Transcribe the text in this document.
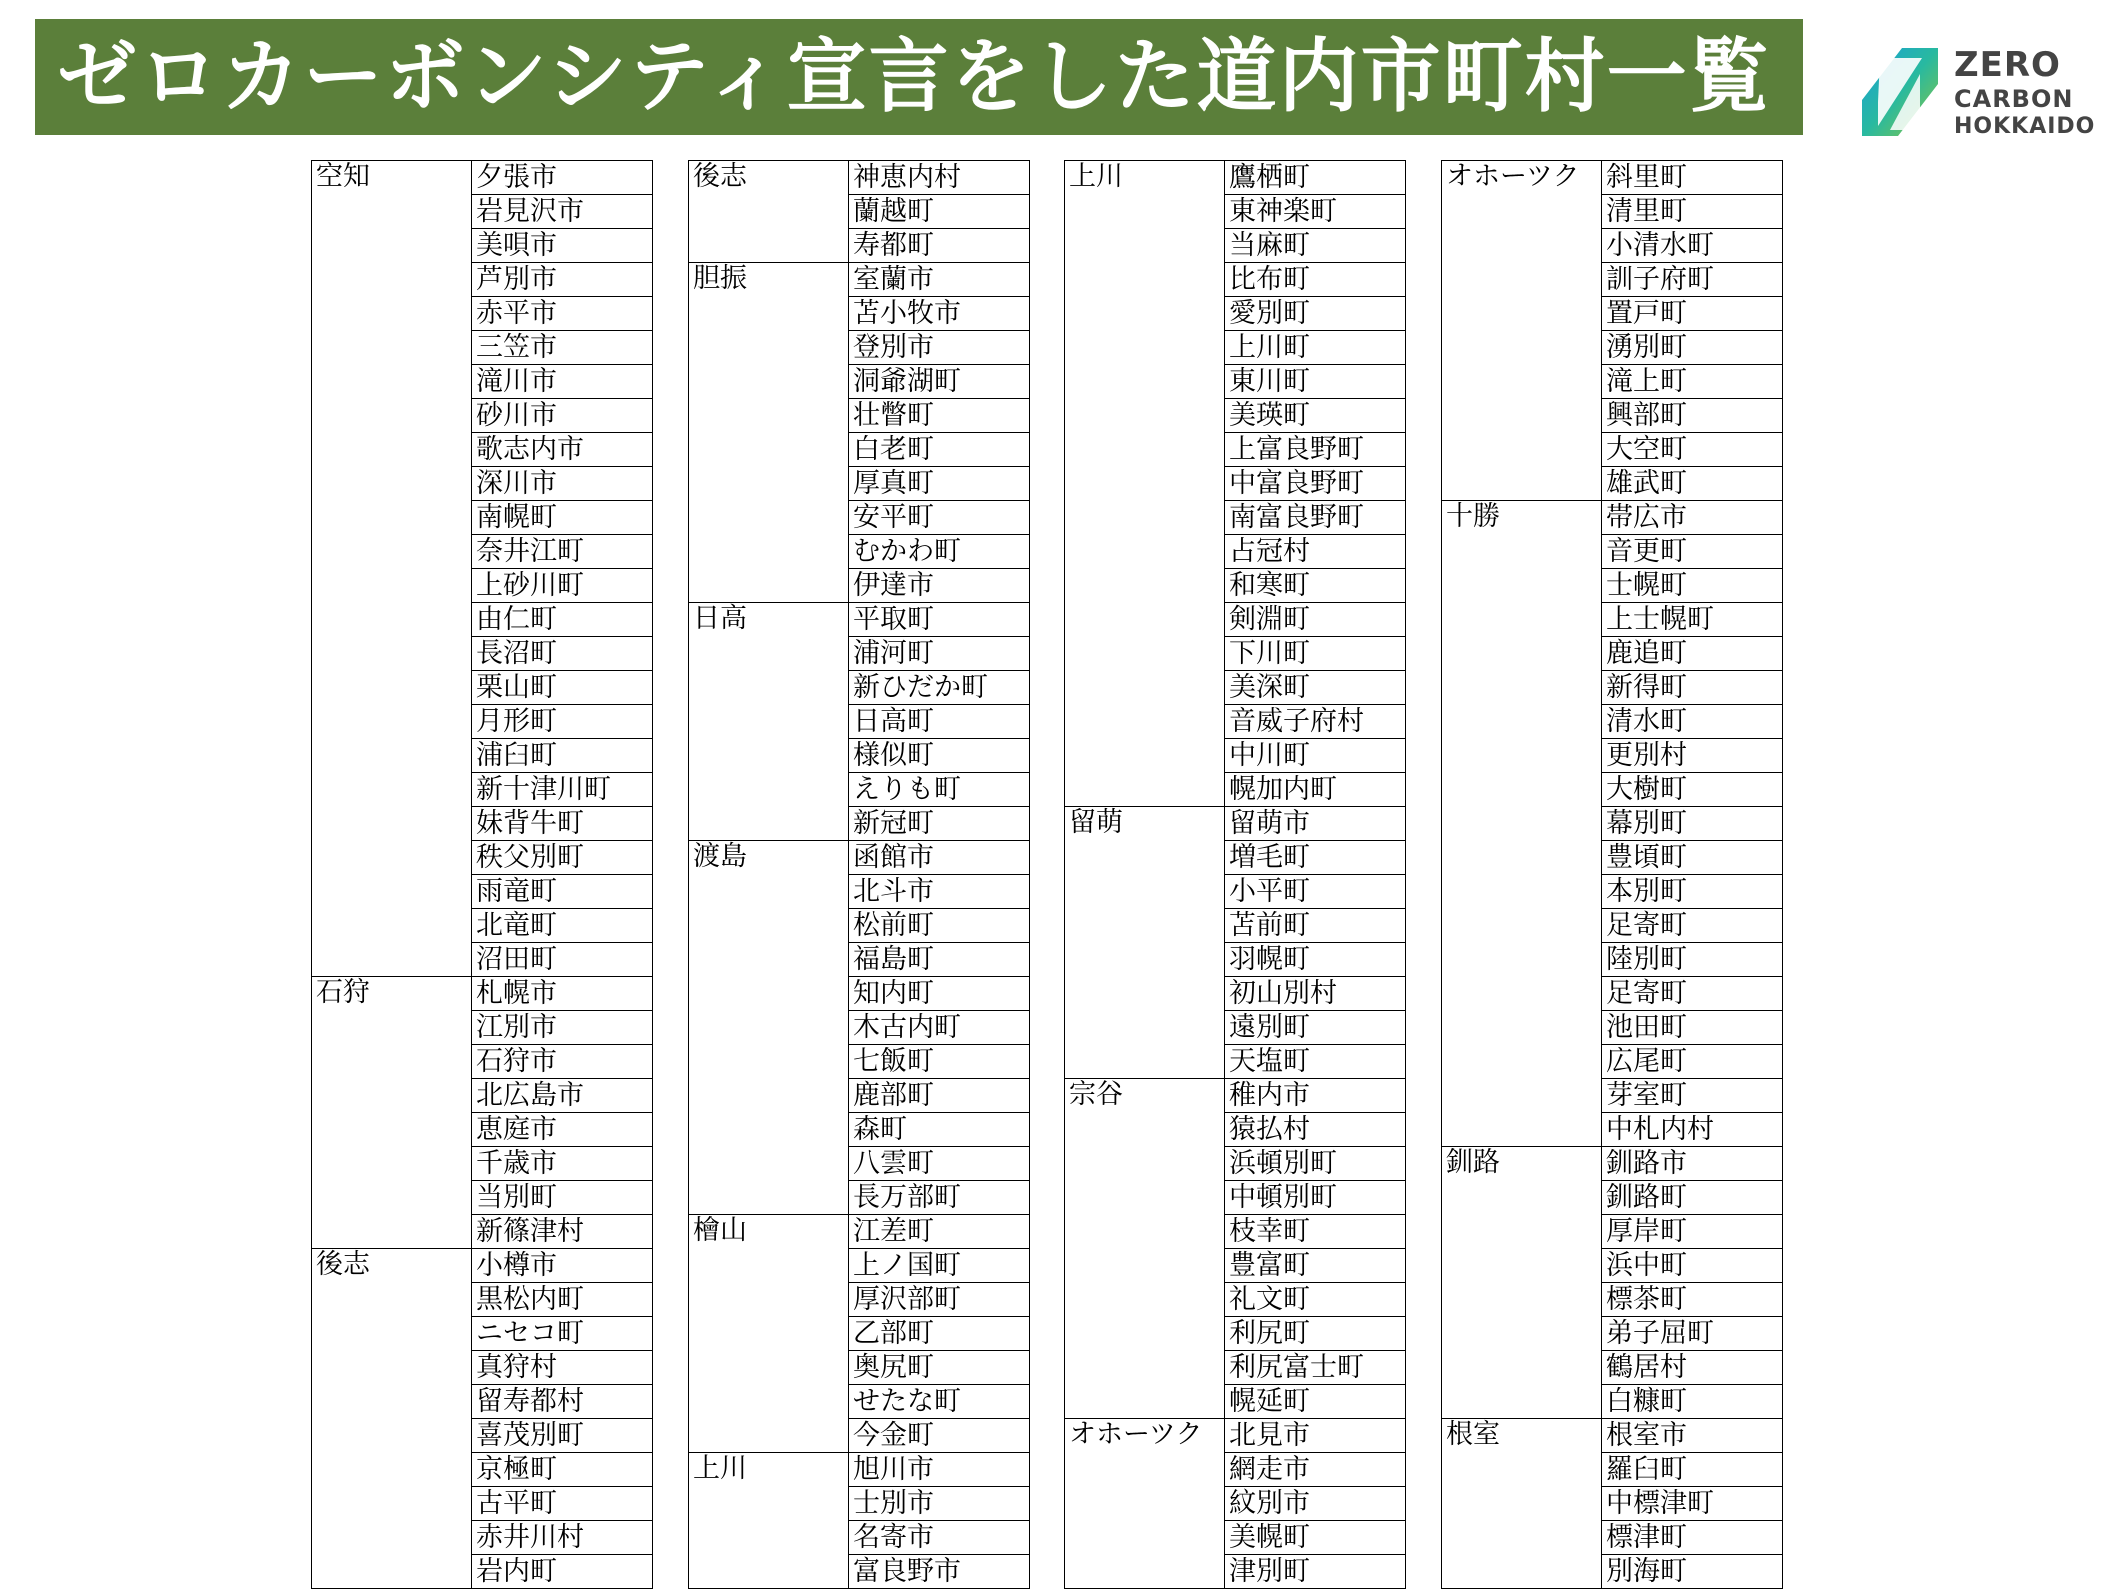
ゼロカーボンシティ宣言をした道内市町村一覧	ZERO
CARBON
HOKKAIDO
空知	夕張市
	岩見沢市
	美唄市
	芦別市
	赤平市
	三笠市
	滝川市
	砂川市
	歌志内市
	深川市
	南幌町
	奈井江町
	上砂川町
	由仁町
	長沼町
	栗山町
	月形町
	浦臼町
	新十津川町
	妹背牛町
	秩父別町
	雨竜町
	北竜町
	沼田町
石狩	札幌市
	江別市
	石狩市
	北広島市
	恵庭市
	千歳市
	当別町
	新篠津村
後志	小樽市
	黒松内町
	ニセコ町
	真狩村
	留寿都村
	喜茂別町
	京極町
	古平町
	赤井川村
	岩内町
後志	神恵内村
	蘭越町
	寿都町
胆振	室蘭市
	苫小牧市
	登別市
	洞爺湖町
	壮瞥町
	白老町
	厚真町
	安平町
	むかわ町
	伊達市
日高	平取町
	浦河町
	新ひだか町
	日高町
	様似町
	えりも町
	新冠町
渡島	函館市
	北斗市
	松前町
	福島町
	知内町
	木古内町
	七飯町
	鹿部町
	森町
	八雲町
	長万部町
檜山	江差町
	上ノ国町
	厚沢部町
	乙部町
	奥尻町
	せたな町
	今金町
上川	旭川市
	士別市
	名寄市
	富良野市
上川	鷹栖町
	東神楽町
	当麻町
	比布町
	愛別町
	上川町
	東川町
	美瑛町
	上富良野町
	中富良野町
	南富良野町
	占冠村
	和寒町
	剣淵町
	下川町
	美深町
	音威子府村
	中川町
	幌加内町
留萌	留萌市
	増毛町
	小平町
	苫前町
	羽幌町
	初山別村
	遠別町
	天塩町
宗谷	稚内市
	猿払村
	浜頓別町
	中頓別町
	枝幸町
	豊富町
	礼文町
	利尻町
	利尻富士町
	幌延町
オホーツク	北見市
	網走市
	紋別市
	美幌町
	津別町
オホーツク	斜里町
	清里町
	小清水町
	訓子府町
	置戸町
	湧別町
	滝上町
	興部町
	大空町
	雄武町
十勝	帯広市
	音更町
	士幌町
	上士幌町
	鹿追町
	新得町
	清水町
	更別村
	大樹町
	幕別町
	豊頃町
	本別町
	足寄町
	陸別町
	足寄町
	池田町
	広尾町
	芽室町
	中札内村
釧路	釧路市
	釧路町
	厚岸町
	浜中町
	標茶町
	弟子屈町
	鶴居村
	白糠町
根室	根室市
	羅臼町
	中標津町
	標津町
	別海町
